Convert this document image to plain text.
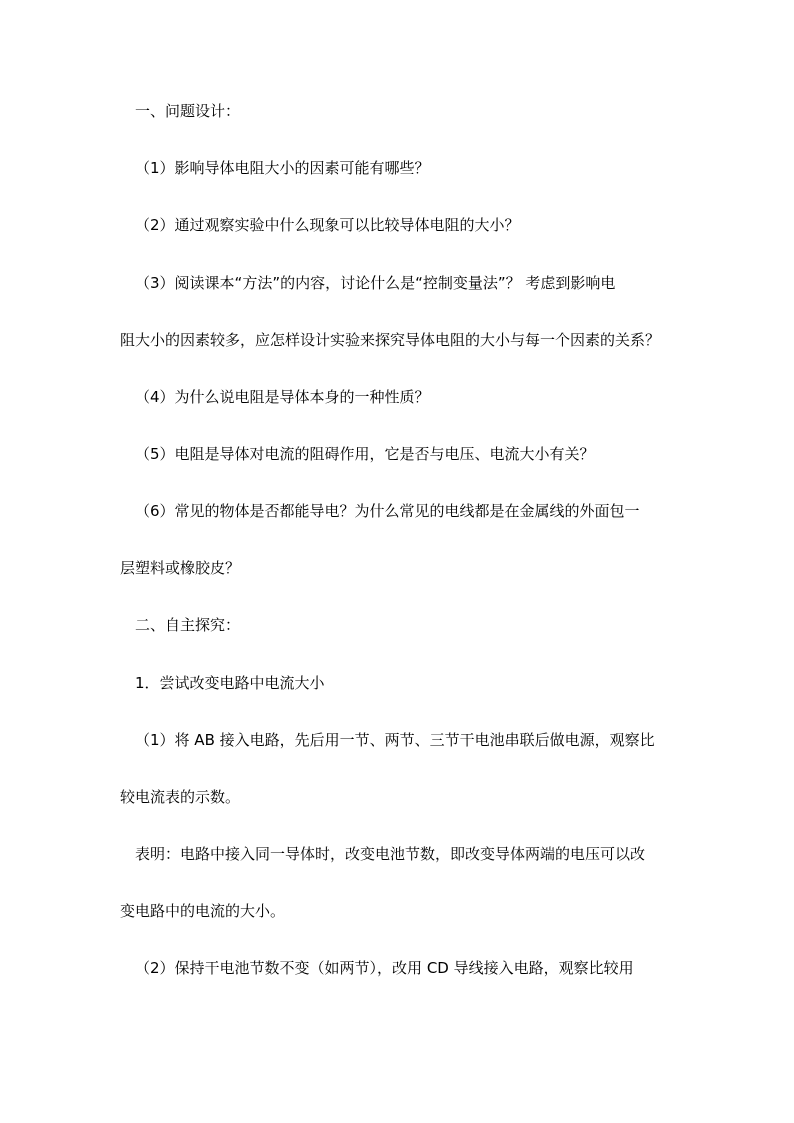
一、问题设计：
（1）影响导体电阻大小的因素可能有哪些？
（2）通过观察实验中什么现象可以比较导体电阻的大小？
（3）阅读课本“方法”的内容，讨论什么是“控制变量法”？ 考虑到影响电
阻大小的因素较多，应怎样设计实验来探究导体电阻的大小与每一个因素的关系？
（4）为什么说电阻是导体本身的一种性质？
（5）电阻是导体对电流的阻碍作用，它是否与电压、电流大小有关？
（6）常见的物体是否都能导电？为什么常见的电线都是在金属线的外面包一
层塑料或橡胶皮？
二、自主探究：
1．尝试改变电路中电流大小
（1）将 AB 接入电路，先后用一节、两节、三节干电池串联后做电源，观察比
较电流表的示数。
表明：电路中接入同一导体时，改变电池节数，即改变导体两端的电压可以改
变电路中的电流的大小。
（2）保持干电池节数不变（如两节），改用 CD 导线接入电路，观察比较用
